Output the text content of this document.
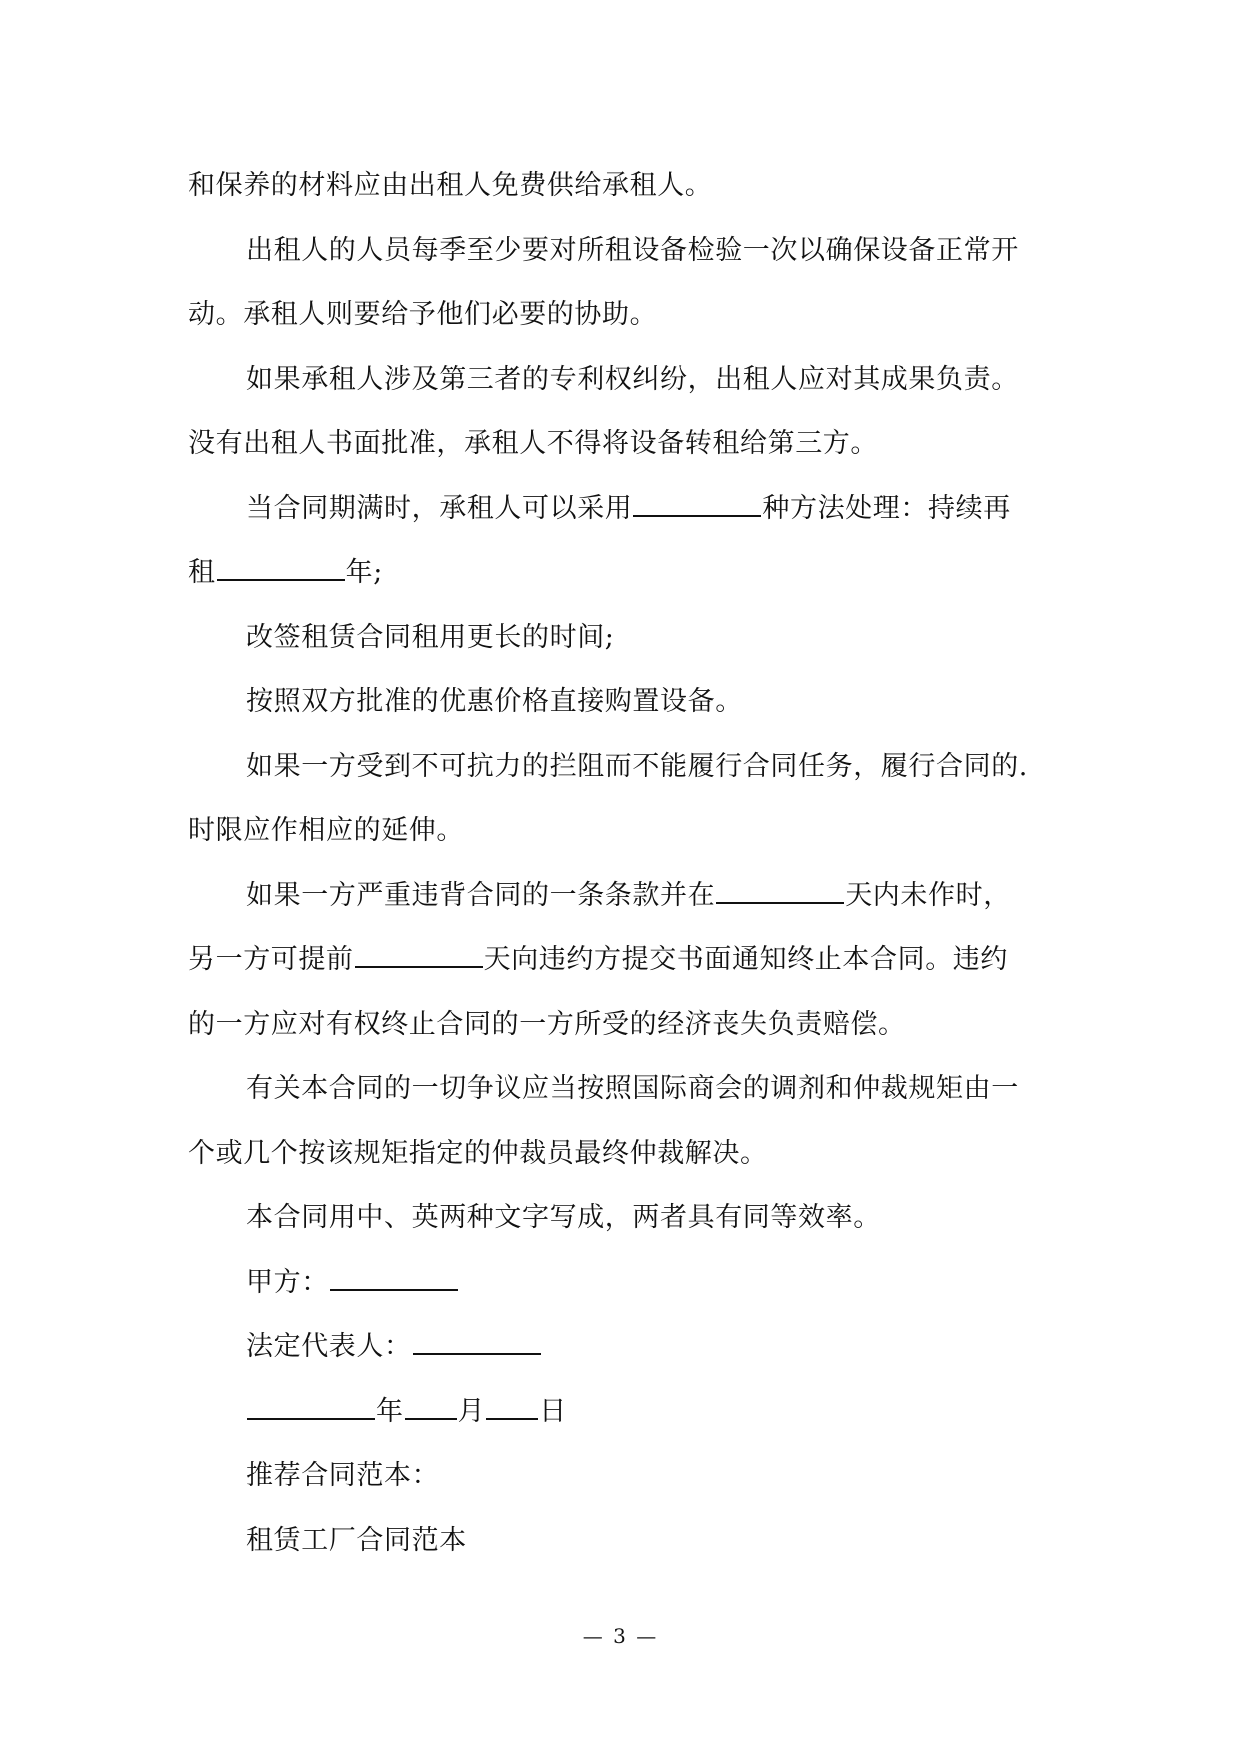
和保养的材料应由出租人免费供给承租人。
出租人的人员每季至少要对所租设备检验一次以确保设备正常开
动。承租人则要给予他们必要的协助。
如果承租人涉及第三者的专利权纠纷，出租人应对其成果负责。
没有出租人书面批准，承租人不得将设备转租给第三方。
当合同期满时，承租人可以采用	种方法处理：持续再
租	年;
改签租赁合同租用更长的时间;
按照双方批准的优惠价格直接购置设备。
如果一方受到不可抗力的拦阻而不能履行合同任务，履行合同的.
时限应作相应的延伸。
如果一方严重违背合同的一条条款并在	天内未作时，
另一方可提前	天向违约方提交书面通知终止本合同。违约
的一方应对有权终止合同的一方所受的经济丧失负责赔偿。
有关本合同的一切争议应当按照国际商会的调剂和仲裁规矩由一
个或几个按该规矩指定的仲裁员最终仲裁解决。
本合同用中、英两种文字写成，两者具有同等效率。
甲方：
法定代表人：
年 月 日
推荐合同范本：
租赁工厂合同范本
— 3 —
